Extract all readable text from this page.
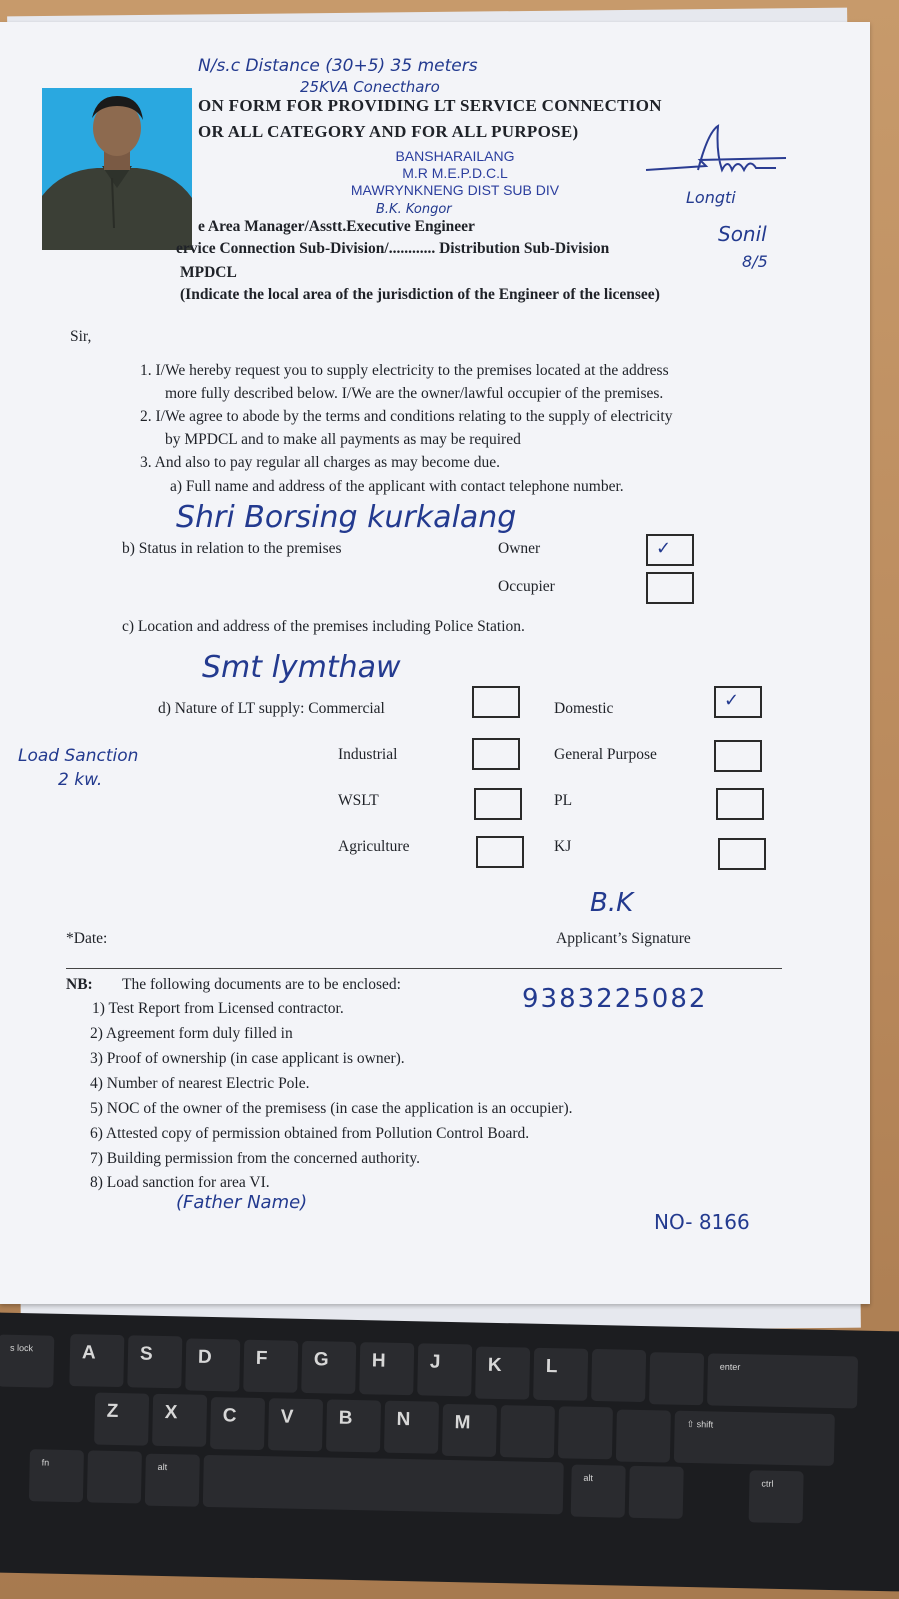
N/s.c Distance (30+5) 35 meters
25KVA Conectharo
ON FORM FOR PROVIDING LT SERVICE CONNECTION
OR ALL CATEGORY AND FOR ALL PURPOSE)
BANSHARAILANG
M.R M.E.P.D.C.L
MAWRYNKNENG DIST SUB DIV
B.K. Kongor
Longti
Sonil
8/5
e Area Manager/Asstt.Executive Engineer
ervice Connection Sub-Division/............ Distribution Sub-Division
MPDCL
(Indicate the local area of the jurisdiction of the Engineer of the licensee)
Sir,
1. I/We hereby request you to supply electricity to the premises located at the address
more fully described below. I/We are the owner/lawful occupier of the premises.
2. I/We agree to abode by the terms and conditions relating to the supply of electricity
by MPDCL and to make all payments as may be required
3. And also to pay regular all charges as may become due.
a) Full name and address of the applicant with contact telephone number.
Shri Borsing kurkalang
b) Status in relation to the premises	Owner	✓
Occupier
c) Location and address of the premises including Police Station.
Smt lymthaw
d) Nature of LT supply: Commercial	Domestic	✓
Load Sanction
2 kw.
Industrial	General Purpose
WSLT	PL
Agriculture	KJ
B.K
*Date:	Applicant’s Signature
NB: The following documents are to be enclosed:	9383225082
1) Test Report from Licensed contractor.
2) Agreement form duly filled in
3) Proof of ownership (in case applicant is owner).
4) Number of nearest Electric Pole.
5) NOC of the owner of the premisess (in case the application is an occupier).
6) Attested copy of permission obtained from Pollution Control Board.
7) Building permission from the concerned authority.
8) Load sanction for area VI.
(Father Name)
NO- 8166
s lock	A	S	D	F	G	H	J	K	L	enter
Z	X	C	V	B	N	M	⇧ shift
fn	alt
alt
ctrl
